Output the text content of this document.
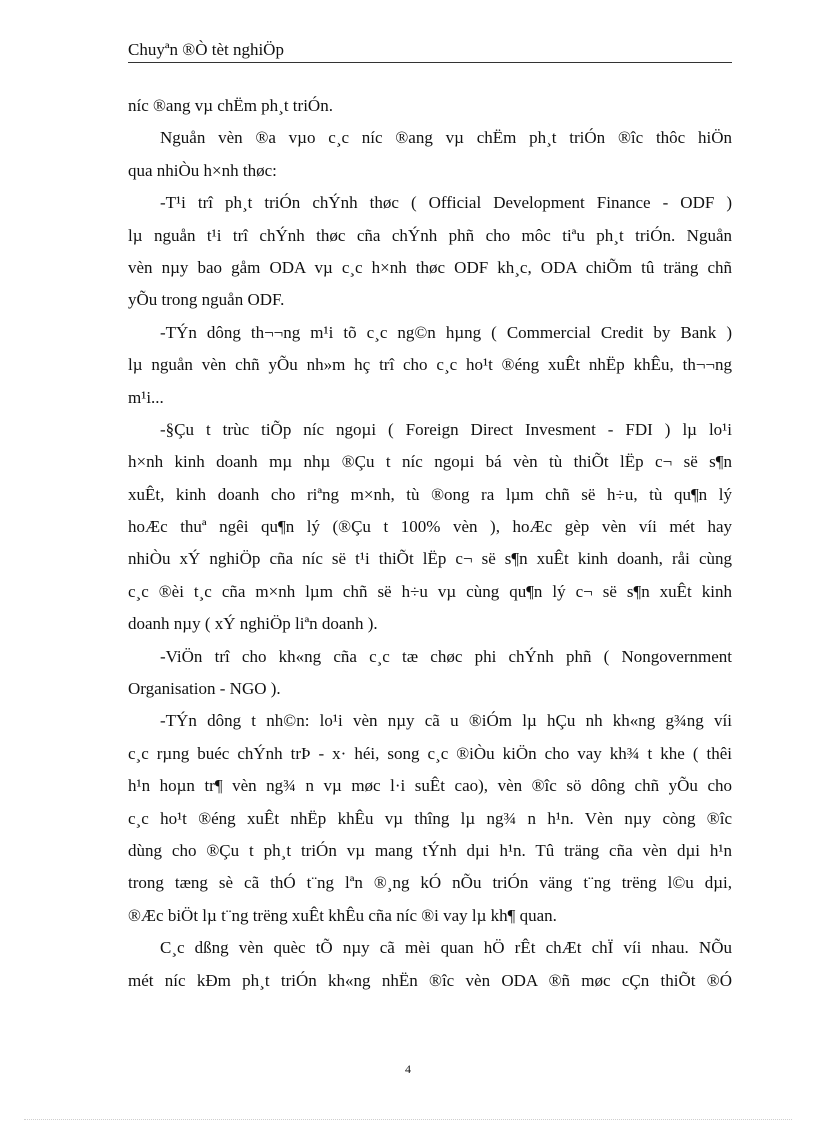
Chuyªn ®Ò tèt nghiÖp

níc ®ang vµ chËm ph¸t triÓn.

Nguån vèn ®a vµo c¸c níc ®ang vµ chËm ph¸t triÓn ®îc thôc hiÖn
qua nhiÒu h×nh thøc:

-T¹i trî ph¸t triÓn chÝnh thøc ( Official Development Finance - ODF )
lµ nguån t¹i trî chÝnh thøc cña chÝnh phñ cho môc tiªu ph¸t triÓn. Nguån
vèn nµy bao gåm ODA vµ c¸c h×nh thøc ODF kh¸c, ODA chiÕm tû träng chñ
yÕu trong nguån ODF.

-TÝn dông th¬¬ng m¹i tõ c¸c ng©n hµng ( Commercial Credit by Bank )
lµ nguån vèn chñ yÕu nh»m hç trî cho c¸c ho¹t ®éng xuÊt nhËp khÊu, th¬¬ng
m¹i...

-§Çu t trùc tiÕp níc ngoµi ( Foreign Direct Invesment - FDI ) lµ lo¹i
h×nh kinh doanh mµ nhµ ®Çu t níc ngoµi bá vèn tù thiÕt lËp c¬ së s¶n
xuÊt, kinh doanh cho riªng m×nh, tù ®ong ra lµm chñ së h÷u, tù qu¶n lý
hoÆc thuª ngêi qu¶n lý (®Çu t 100% vèn ), hoÆc gèp vèn víi mét hay
nhiÒu xÝ nghiÖp cña níc së t¹i thiÕt lËp c¬ së s¶n xuÊt kinh doanh, råi cùng
c¸c ®èi t¸c cña m×nh lµm chñ së h÷u vµ cùng qu¶n lý c¬ së s¶n xuÊt kinh
doanh nµy ( xÝ nghiÖp liªn doanh ).

-ViÖn trî cho kh«ng cña c¸c tæ chøc phi chÝnh phñ ( Nongovernment
Organisation - NGO ).

-TÝn dông t nh©n: lo¹i vèn nµy cã u ®iÓm lµ hÇu nh kh«ng g¾ng víi
c¸c rµng buéc chÝnh trÞ - x· héi, song c¸c ®iÒu kiÖn cho vay kh¾ t khe ( thêi
h¹n hoµn tr¶ vèn ng¾ n vµ møc l·i suÊt cao), vèn ®îc sö dông chñ yÕu cho
c¸c ho¹t ®éng xuÊt nhËp khÊu vµ thîng lµ ng¾ n h¹n. Vèn nµy còng ®îc
dùng cho ®Çu t ph¸t triÓn vµ mang tÝnh dµi h¹n. Tû träng cña vèn dµi h¹n
trong tæng sè cã thÓ t¨ng lªn ®¸ng kÓ nÕu triÓn väng t¨ng trëng l©u dµi,
®Æc biÖt lµ t¨ng trëng xuÊt khÊu cña níc ®i vay lµ kh¶ quan.

C¸c dßng vèn quèc tÕ nµy cã mèi quan hÖ rÊt chÆt chÏ víi nhau. NÕu
mét níc kÐm ph¸t triÓn kh«ng nhËn ®îc vèn ODA ®ñ møc cÇn thiÕt ®Ó

4
